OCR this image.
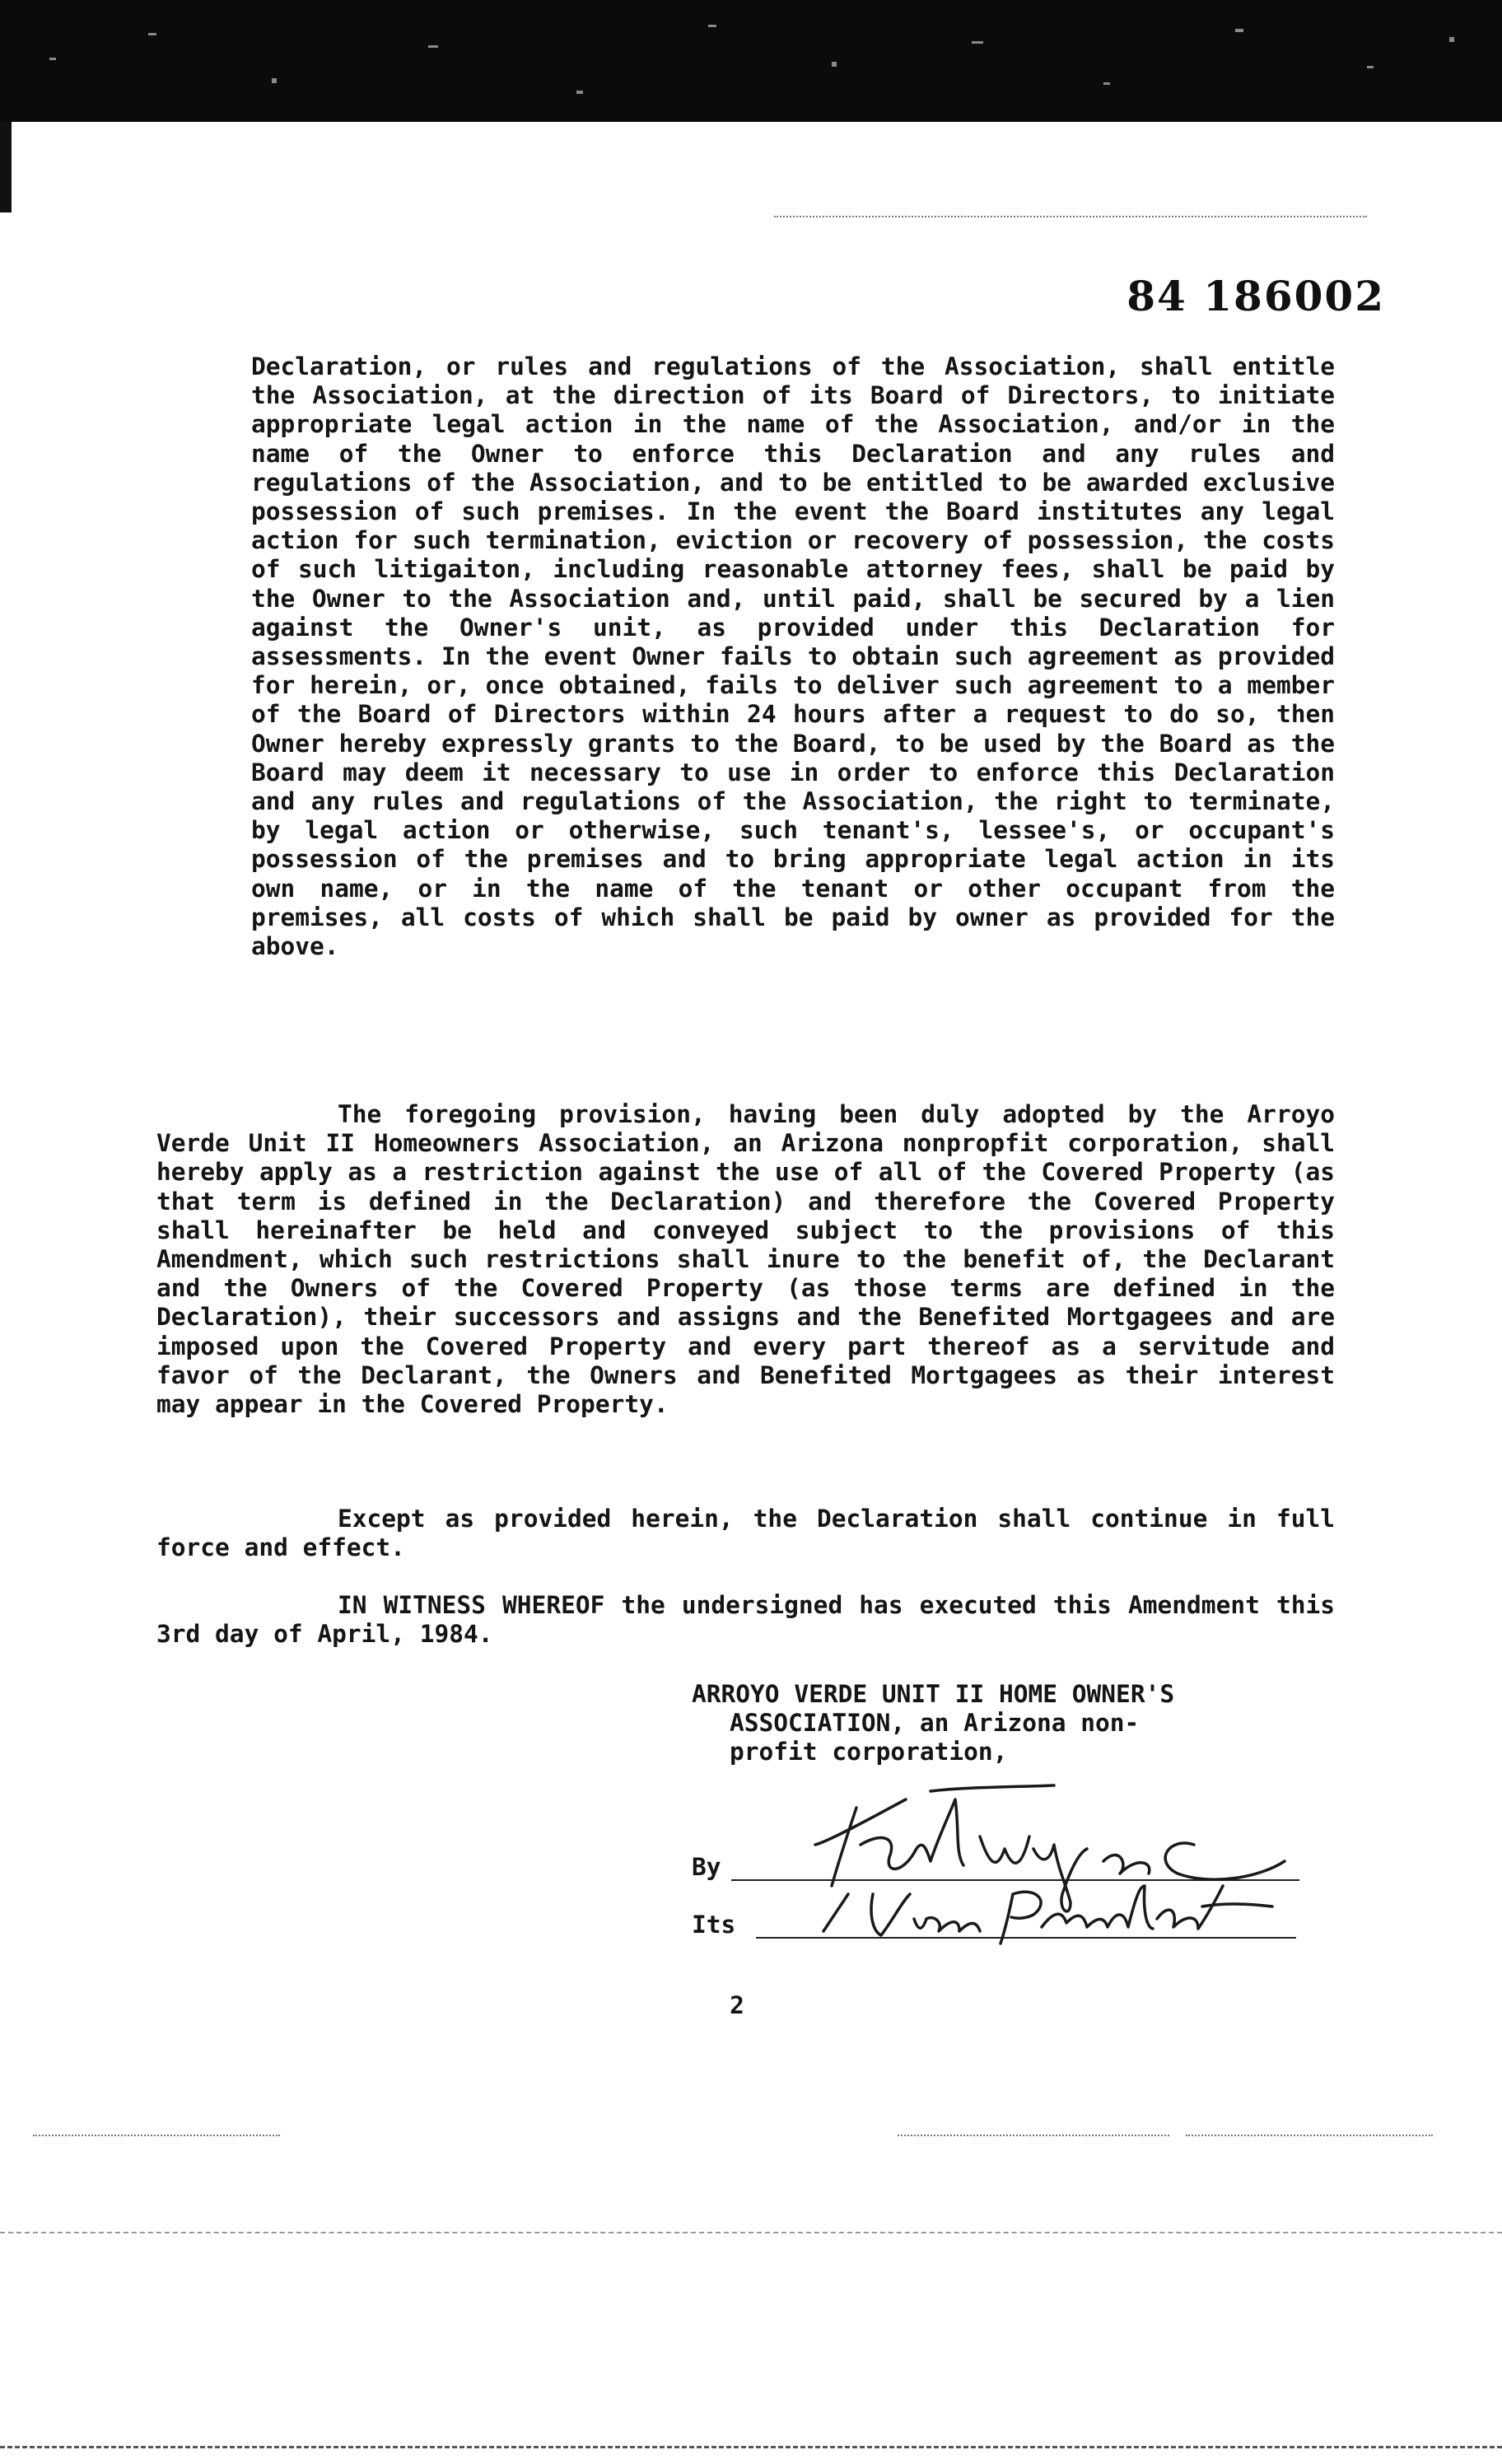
84 186002

Declaration, or rules and regulations of the Association, shall entitle the Association, at the direction of its Board of Directors, to initiate appropriate legal action in the name of the Association, and/or in the name of the Owner to enforce this Declaration and any rules and regulations of the Association, and to be entitled to be awarded exclusive possession of such premises. In the event the Board institutes any legal action for such termination, eviction or recovery of possession, the costs of such litigaiton, including reasonable attorney fees, shall be paid by the Owner to the Association and, until paid, shall be secured by a lien against the Owner's unit, as provided under this Declaration for assessments. In the event Owner fails to obtain such agreement as provided for herein, or, once obtained, fails to deliver such agreement to a member of the Board of Directors within 24 hours after a request to do so, then Owner hereby expressly grants to the Board, to be used by the Board as the Board may deem it necessary to use in order to enforce this Declaration and any rules and regulations of the Association, the right to terminate, by legal action or otherwise, such tenant's, lessee's, or occupant's possession of the premises and to bring appropriate legal action in its own name, or in the name of the tenant or other occupant from the premises, all costs of which shall be paid by owner as provided for the above.

The foregoing provision, having been duly adopted by the Arroyo Verde Unit II Homeowners Association, an Arizona nonpropfit corporation, shall hereby apply as a restriction against the use of all of the Covered Property (as that term is defined in the Declaration) and therefore the Covered Property shall hereinafter be held and conveyed subject to the provisions of this Amendment, which such restrictions shall inure to the benefit of, the Declarant and the Owners of the Covered Property (as those terms are defined in the Declaration), their successors and assigns and the Benefited Mortgagees and are imposed upon the Covered Property and every part thereof as a servitude and favor of the Declarant, the Owners and Benefited Mortgagees as their interest may appear in the Covered Property.

Except as provided herein, the Declaration shall continue in full force and effect.

IN WITNESS WHEREOF the undersigned has executed this Amendment this 3rd day of April, 1984.

ARROYO VERDE UNIT II HOME OWNER'S
ASSOCIATION, an Arizona non-
profit corporation,
By
Its
2
